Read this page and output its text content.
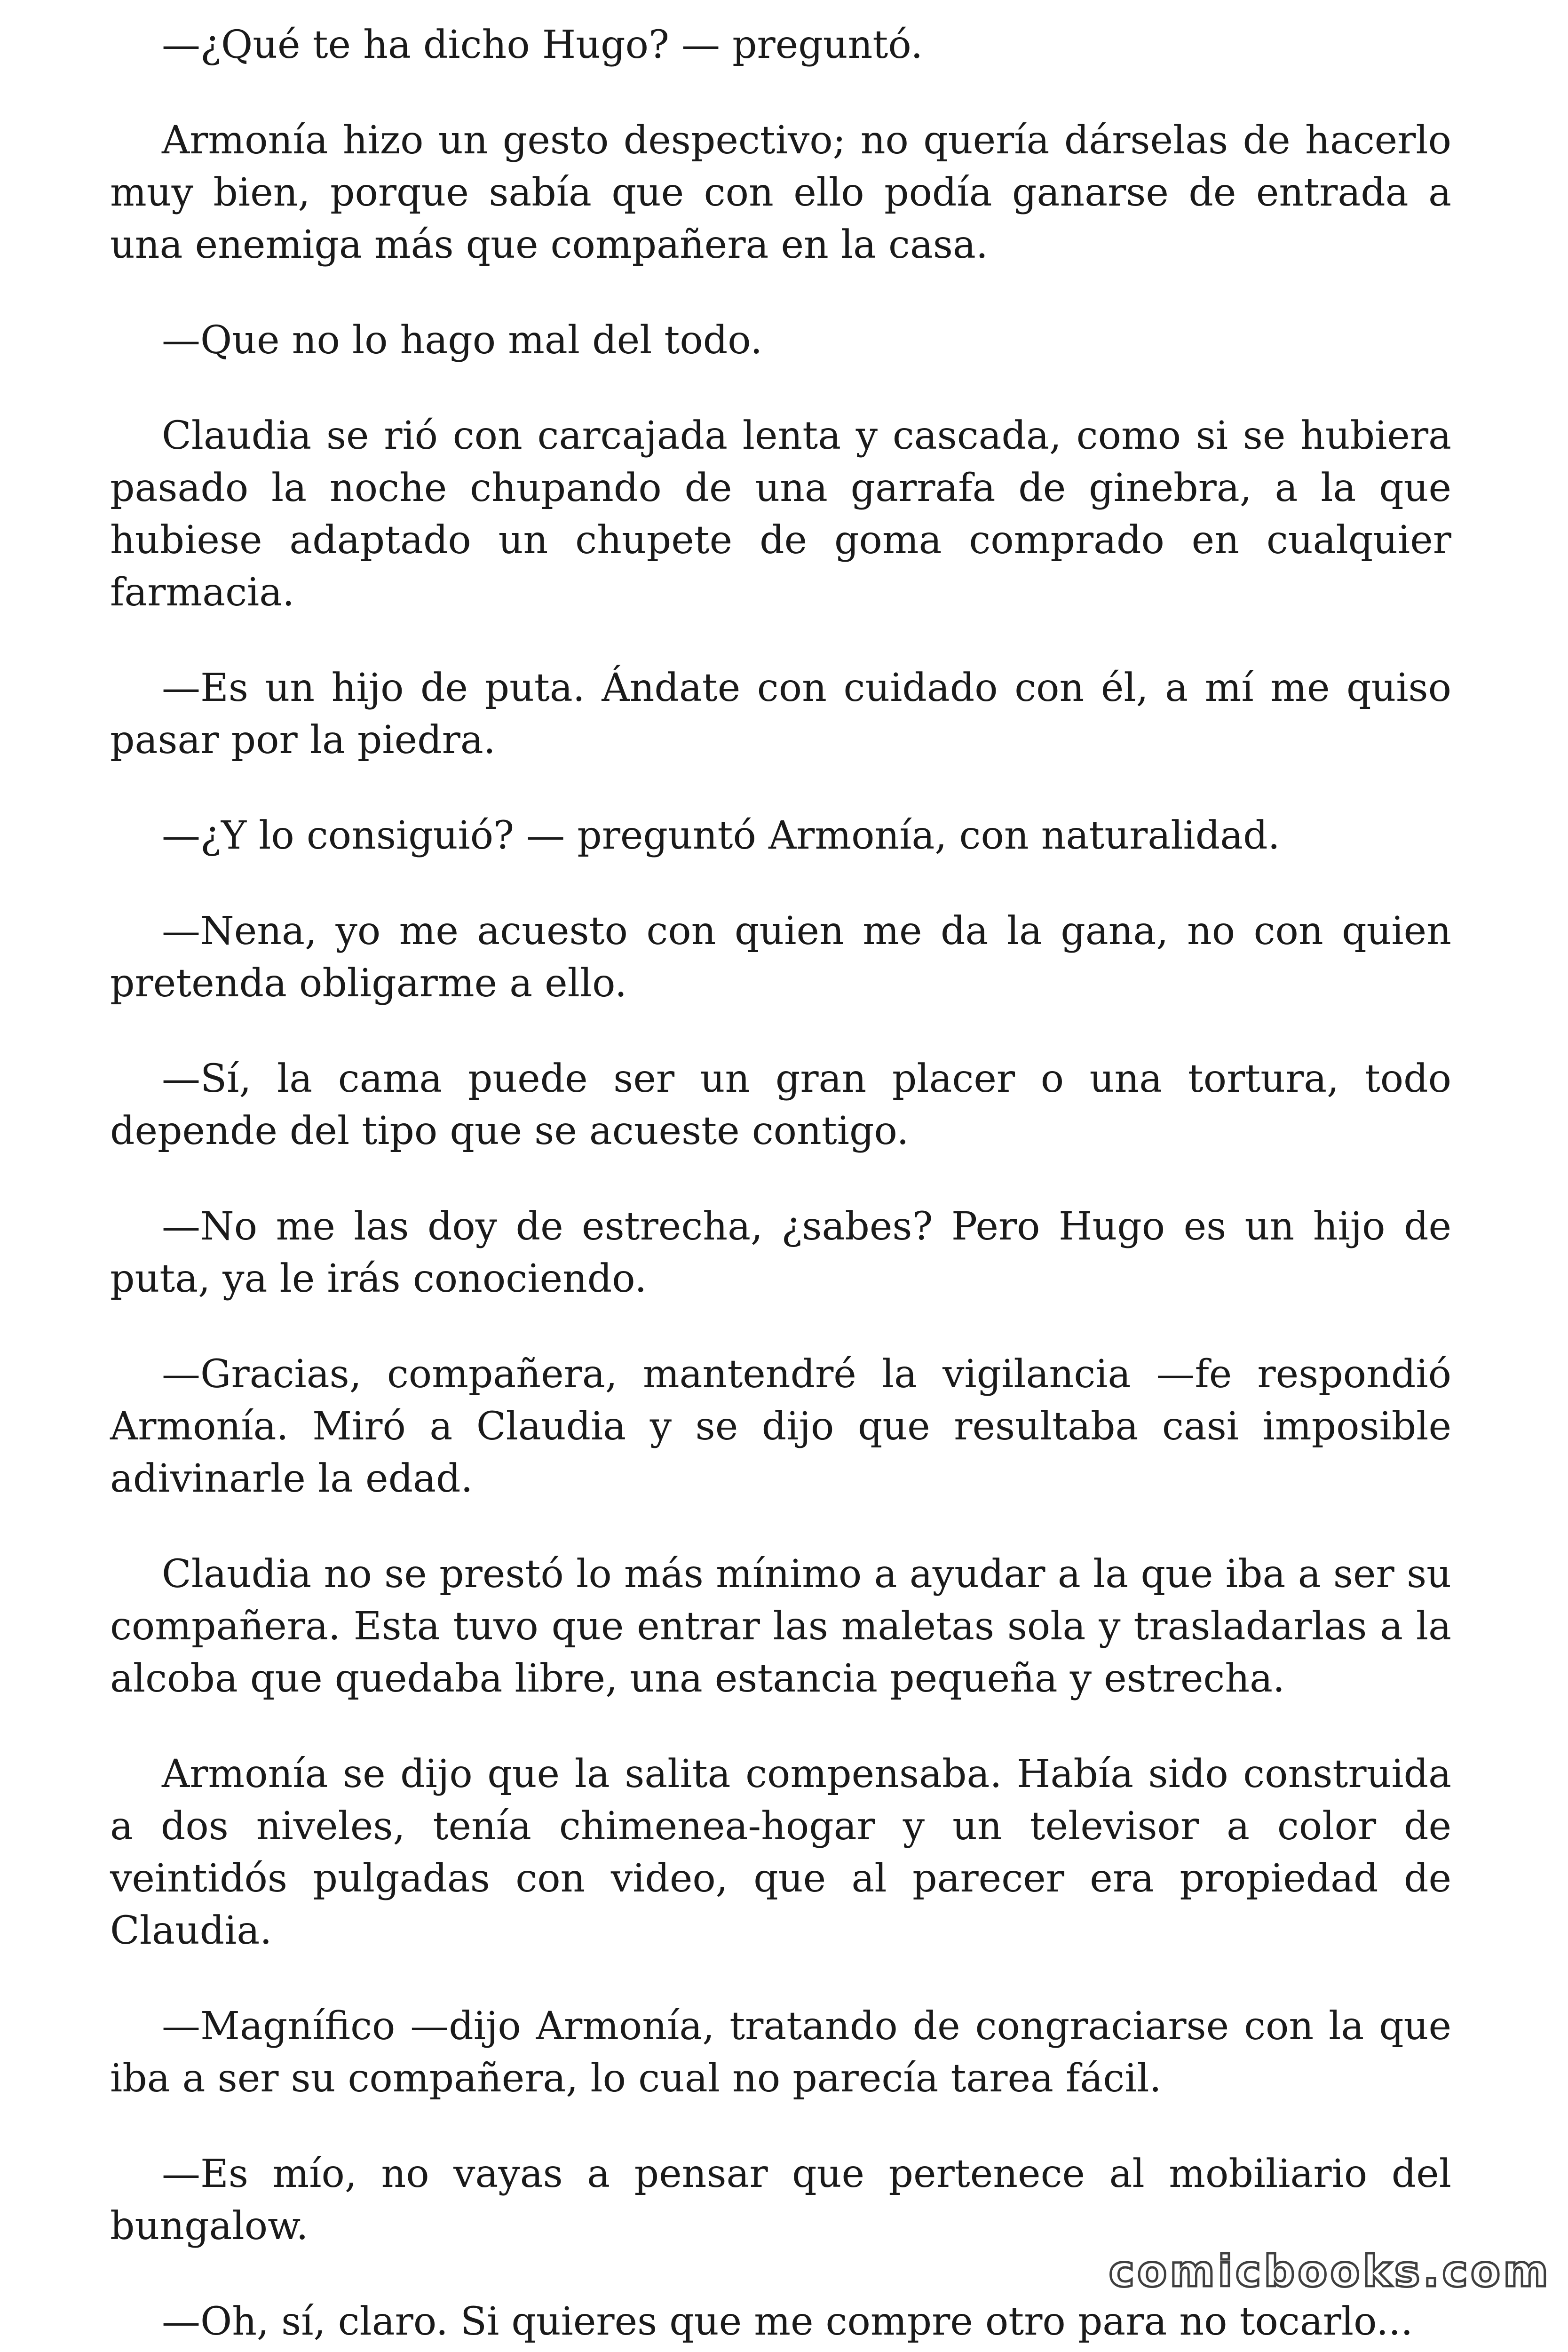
—¿Qué te ha dicho Hugo? — preguntó.

Armonía hizo un gesto despectivo; no quería dárselas de hacerlo muy bien, porque sabía que con ello podía ganarse de entrada a una enemiga más que compañera en la casa.

—Que no lo hago mal del todo.

Claudia se rió con carcajada lenta y cascada, como si se hubiera pasado la noche chupando de una garrafa de ginebra, a la que hubiese adaptado un chupete de goma comprado en cualquier farmacia.

—Es un hijo de puta. Ándate con cuidado con él, a mí me quiso pasar por la piedra.

—¿Y lo consiguió? — preguntó Armonía, con naturalidad.

—Nena, yo me acuesto con quien me da la gana, no con quien pretenda obligarme a ello.

—Sí, la cama puede ser un gran placer o una tortura, todo depende del tipo que se acueste contigo.

—No me las doy de estrecha, ¿sabes? Pero Hugo es un hijo de puta, ya le irás conociendo.

—Gracias, compañera, mantendré la vigilancia —fe respondió Armonía. Miró a Claudia y se dijo que resultaba casi imposible adivinarle la edad.

Claudia no se prestó lo más mínimo a ayudar a la que iba a ser su compañera. Esta tuvo que entrar las maletas sola y trasladarlas a la alcoba que quedaba libre, una estancia pequeña y estrecha.

Armonía se dijo que la salita compensaba. Había sido construida a dos niveles, tenía chimenea-hogar y un televisor a color de veintidós pulgadas con video, que al parecer era propiedad de Claudia.

—Magnífico —dijo Armonía, tratando de congraciarse con la que iba a ser su compañera, lo cual no parecía tarea fácil.

—Es mío, no vayas a pensar que pertenece al mobiliario del bungalow.

—Oh, sí, claro. Si quieres que me compre otro para no tocarlo...

comicbooks.com
